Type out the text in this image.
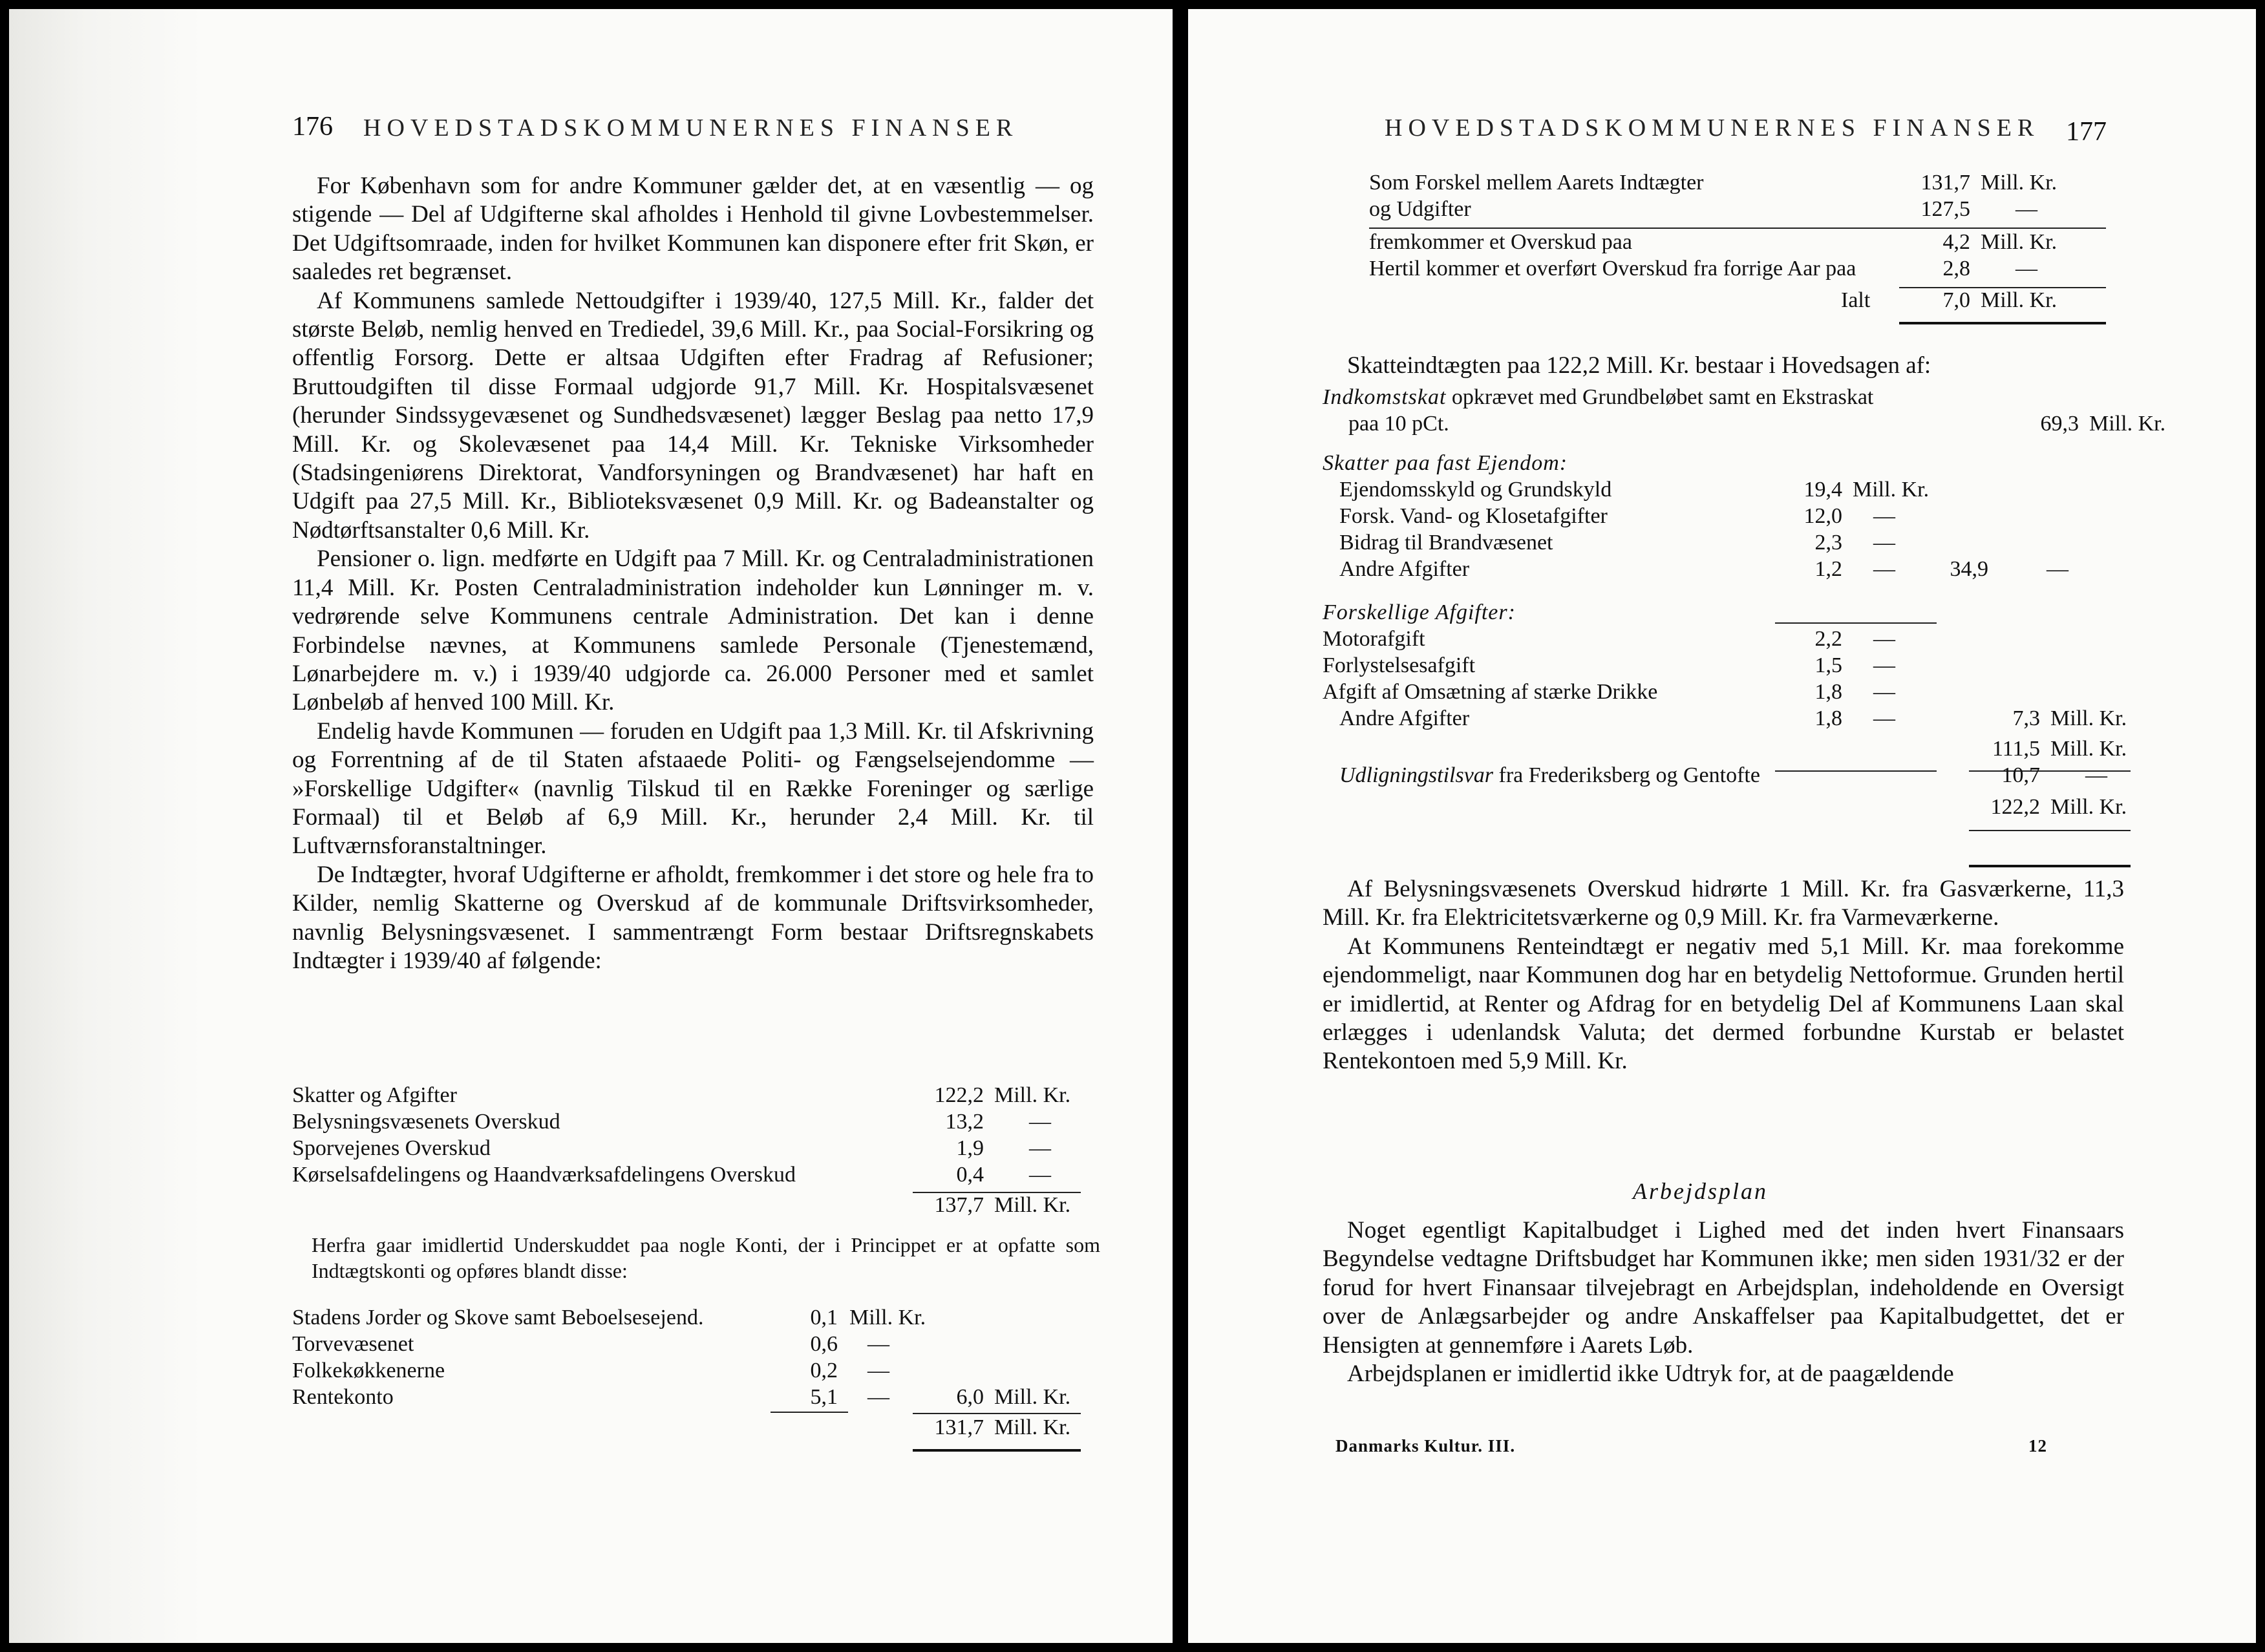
176 HOVEDSTADSKOMMUNERNES FINANSER

For København som for andre Kommuner gælder det, at en væsentlig — og stigende — Del af Udgifterne skal afholdes i Henhold til givne Lovbestemmelser. Det Udgiftsomraade, inden for hvilket Kommunen kan disponere efter frit Skøn, er saaledes ret begrænset.

Af Kommunens samlede Nettoudgifter i 1939/40, 127,5 Mill. Kr., falder det største Beløb, nemlig henved en Trediedel, 39,6 Mill. Kr., paa Social-Forsikring og offentlig Forsorg. Dette er altsaa Udgiften efter Fradrag af Refusioner; Bruttoudgiften til disse Formaal udgjorde 91,7 Mill. Kr. Hospitalsvæsenet (herunder Sindssygevæsenet og Sundhedsvæsenet) lægger Beslag paa netto 17,9 Mill. Kr. og Skolevæsenet paa 14,4 Mill. Kr. Tekniske Virksomheder (Stadsingeniørens Direktorat, Vandforsyningen og Brandvæsenet) har haft en Udgift paa 27,5 Mill. Kr., Biblioteksvæsenet 0,9 Mill. Kr. og Badeanstalter og Nødtørftsanstalter 0,6 Mill. Kr.

Pensioner o. lign. medførte en Udgift paa 7 Mill. Kr. og Centraladministrationen 11,4 Mill. Kr. Posten Centraladministration indeholder kun Lønninger m. v. vedrørende selve Kommunens centrale Administration. Det kan i denne Forbindelse nævnes, at Kommunens samlede Personale (Tjenestemænd, Lønarbejdere m. v.) i 1939/40 udgjorde ca. 26.000 Personer med et samlet Lønbeløb af henved 100 Mill. Kr.

Endelig havde Kommunen — foruden en Udgift paa 1,3 Mill. Kr. til Afskrivning og Forrentning af de til Staten afstaaede Politi- og Fængselsejendomme — »Forskellige Udgifter« (navnlig Tilskud til en Række Foreninger og særlige Formaal) til et Beløb af 6,9 Mill. Kr., herunder 2,4 Mill. Kr. til Luftværnsforanstaltninger.

De Indtægter, hvoraf Udgifterne er afholdt, fremkommer i det store og hele fra to Kilder, nemlig Skatterne og Overskud af de kommunale Driftsvirksomheder, navnlig Belysningsvæsenet. I sammentrængt Form bestaar Driftsregnskabets Indtægter i 1939/40 af følgende:

Skatter og Afgifter	122,2 Mill. Kr.
Belysningsvæsenets Overskud	13,2 —
Sporvejenes Overskud	1,9 —
Kørselsafdelingens og Haandværksafdelingens Overskud	0,4 —
137,7 Mill. Kr.
Herfra gaar imidlertid Underskuddet paa nogle Konti, der i Princippet er at opfatte som Indtægtskonti og opføres blandt disse:
Stadens Jorder og Skove samt Beboelsesejend.	0,1 Mill. Kr.
Torvevæsenet	0,6 —
Folkekøkkenerne	0,2 —
Rentekonto	5,1 —	6,0 Mill. Kr.
131,7 Mill. Kr.
HOVEDSTADSKOMMUNERNES FINANSER 177
Som Forskel mellem Aarets Indtægter	131,7 Mill. Kr.
og Udgifter	127,5 —
fremkommer et Overskud paa	4,2 Mill. Kr.
Hertil kommer et overført Overskud fra forrige Aar paa	2,8 —
Ialt	7,0 Mill. Kr.

Skatteindtægten paa 122,2 Mill. Kr. bestaar i Hovedsagen af:

Indkomstskat opkrævet med Grundbeløbet samt en Ekstraskat
paa 10 pCt.	69,3 Mill. Kr.
Skatter paa fast Ejendom:
Ejendomsskyld og Grundskyld	19,4 Mill. Kr.
Forsk. Vand- og Klosetafgifter	12,0 —
Bidrag til Brandvæsenet	2,3 —
Andre Afgifter	1,2 —	34,9	—
Forskellige Afgifter:
Motorafgift	2,2 —
Forlystelsesafgift	1,5 —
Afgift af Omsætning af stærke Drikke	1,8 —
Andre Afgifter	1,8 —	7,3 Mill. Kr.
111,5 Mill. Kr.
Udligningstilsvar fra Frederiksberg og Gentofte	10,7 —
122,2 Mill. Kr.

Af Belysningsvæsenets Overskud hidrørte 1 Mill. Kr. fra Gasværkerne, 11,3 Mill. Kr. fra Elektricitetsværkerne og 0,9 Mill. Kr. fra Varmeværkerne.

At Kommunens Renteindtægt er negativ med 5,1 Mill. Kr. maa forekomme ejendommeligt, naar Kommunen dog har en betydelig Nettoformue. Grunden hertil er imidlertid, at Renter og Afdrag for en betydelig Del af Kommunens Laan skal erlægges i udenlandsk Valuta; det dermed forbundne Kurstab er belastet Rentekontoen med 5,9 Mill. Kr.

Arbejdsplan

Noget egentligt Kapitalbudget i Lighed med det inden hvert Finansaars Begyndelse vedtagne Driftsbudget har Kommunen ikke; men siden 1931/32 er der forud for hvert Finansaar tilvejebragt en Arbejdsplan, indeholdende en Oversigt over de Anlægsarbejder og andre Anskaffelser paa Kapitalbudgettet, det er Hensigten at gennemføre i Aarets Løb.

Arbejdsplanen er imidlertid ikke Udtryk for, at de paagældende

Danmarks Kultur. III.	12
